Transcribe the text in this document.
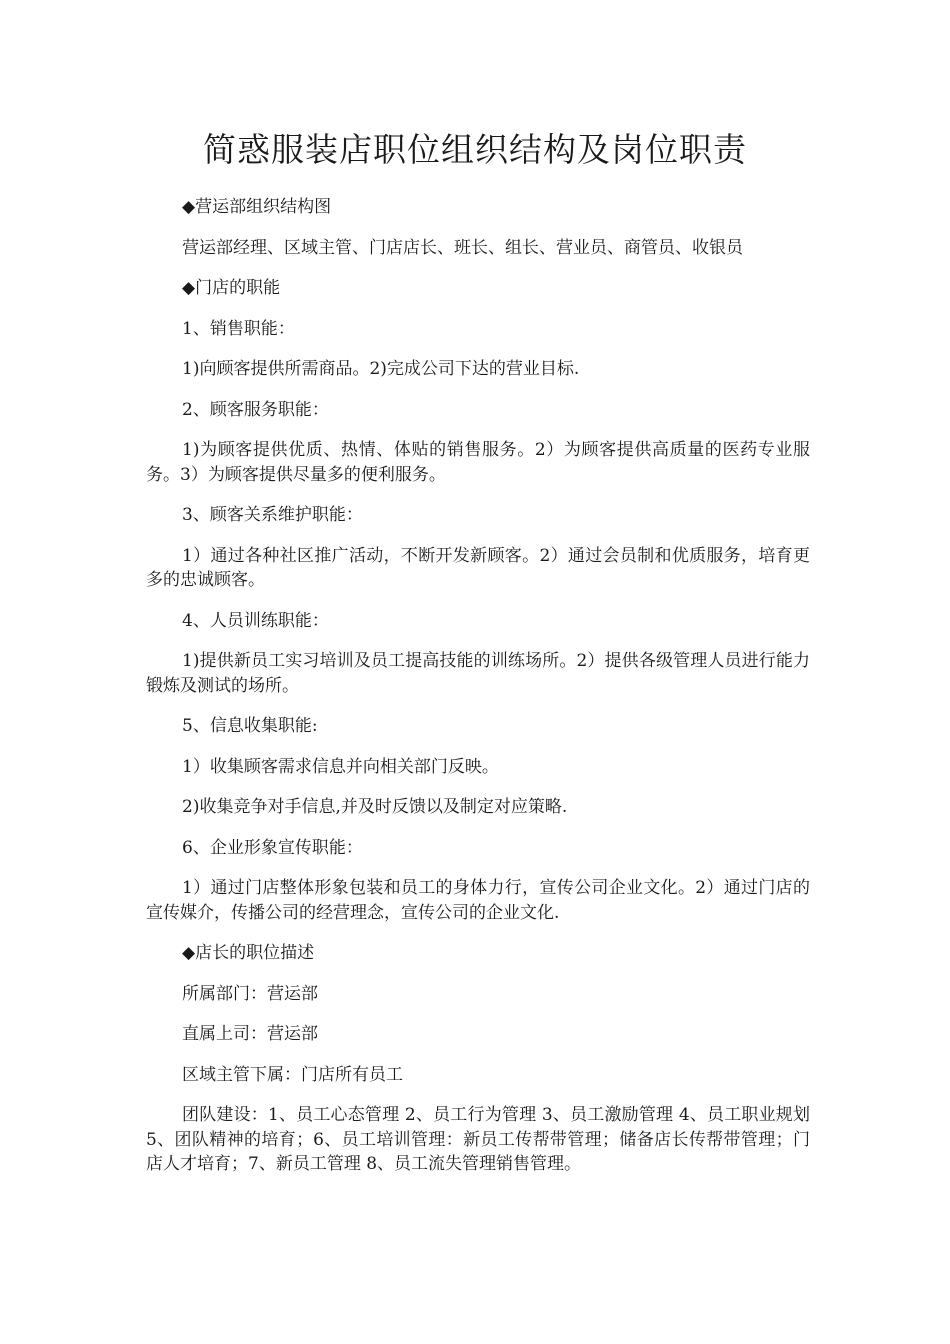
简惑服装店职位组织结构及岗位职责

◆营运部组织结构图

营运部经理、区域主管、门店店长、班长、组长、营业员、商管员、收银员

◆门店的职能

1、销售职能：

1)向顾客提供所需商品。2)完成公司下达的营业目标.

2、顾客服务职能：

1)为顾客提供优质、热情、体贴的销售服务。2）为顾客提供高质量的医药专业服务。3）为顾客提供尽量多的便利服务。

3、顾客关系维护职能：

1）通过各种社区推广活动，不断开发新顾客。2）通过会员制和优质服务，培育更多的忠诚顾客。

4、人员训练职能：

1)提供新员工实习培训及员工提高技能的训练场所。2）提供各级管理人员进行能力锻炼及测试的场所。

5、信息收集职能:

1）收集顾客需求信息并向相关部门反映。

2)收集竞争对手信息,并及时反馈以及制定对应策略.

6、企业形象宣传职能：

1）通过门店整体形象包装和员工的身体力行，宣传公司企业文化。2）通过门店的宣传媒介，传播公司的经营理念，宣传公司的企业文化.

◆店长的职位描述

所属部门：营运部

直属上司：营运部

区域主管下属：门店所有员工

团队建设：1、员工心态管理 2、员工行为管理 3、员工激励管理 4、员工职业规划 5、团队精神的培育；6、员工培训管理：新员工传帮带管理；储备店长传帮带管理；门店人才培育；7、新员工管理 8、员工流失管理销售管理。
